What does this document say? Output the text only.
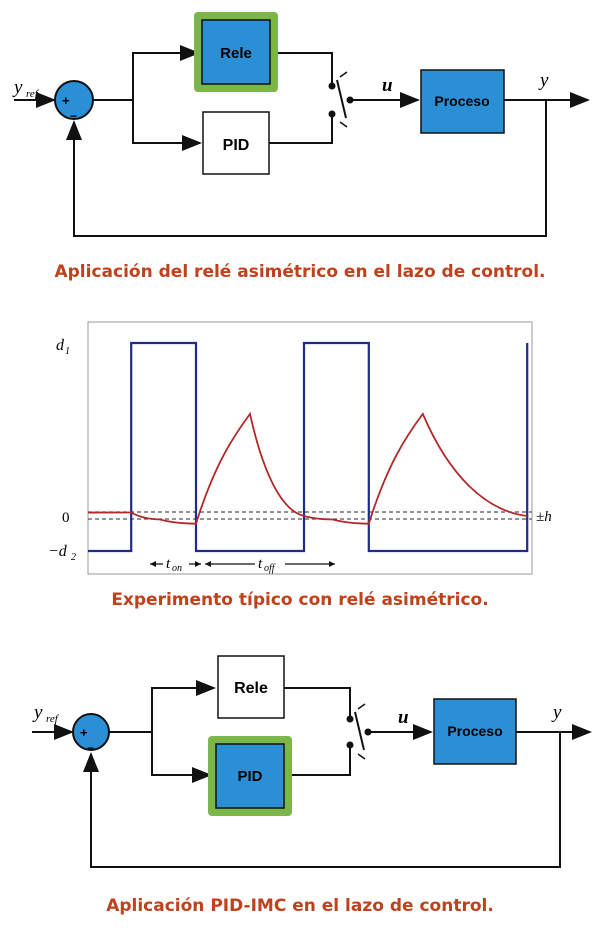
y ref +
−
Rele
PID
u
Proceso
y
d 1
0
−d 2
±h
t on	t off
y ref
+
−
Rele
PID
u
Proceso
y
Aplicación del relé asimétrico en el lazo de control.
Experimento típico con relé asimétrico.
Aplicación PID-IMC en el lazo de control.
